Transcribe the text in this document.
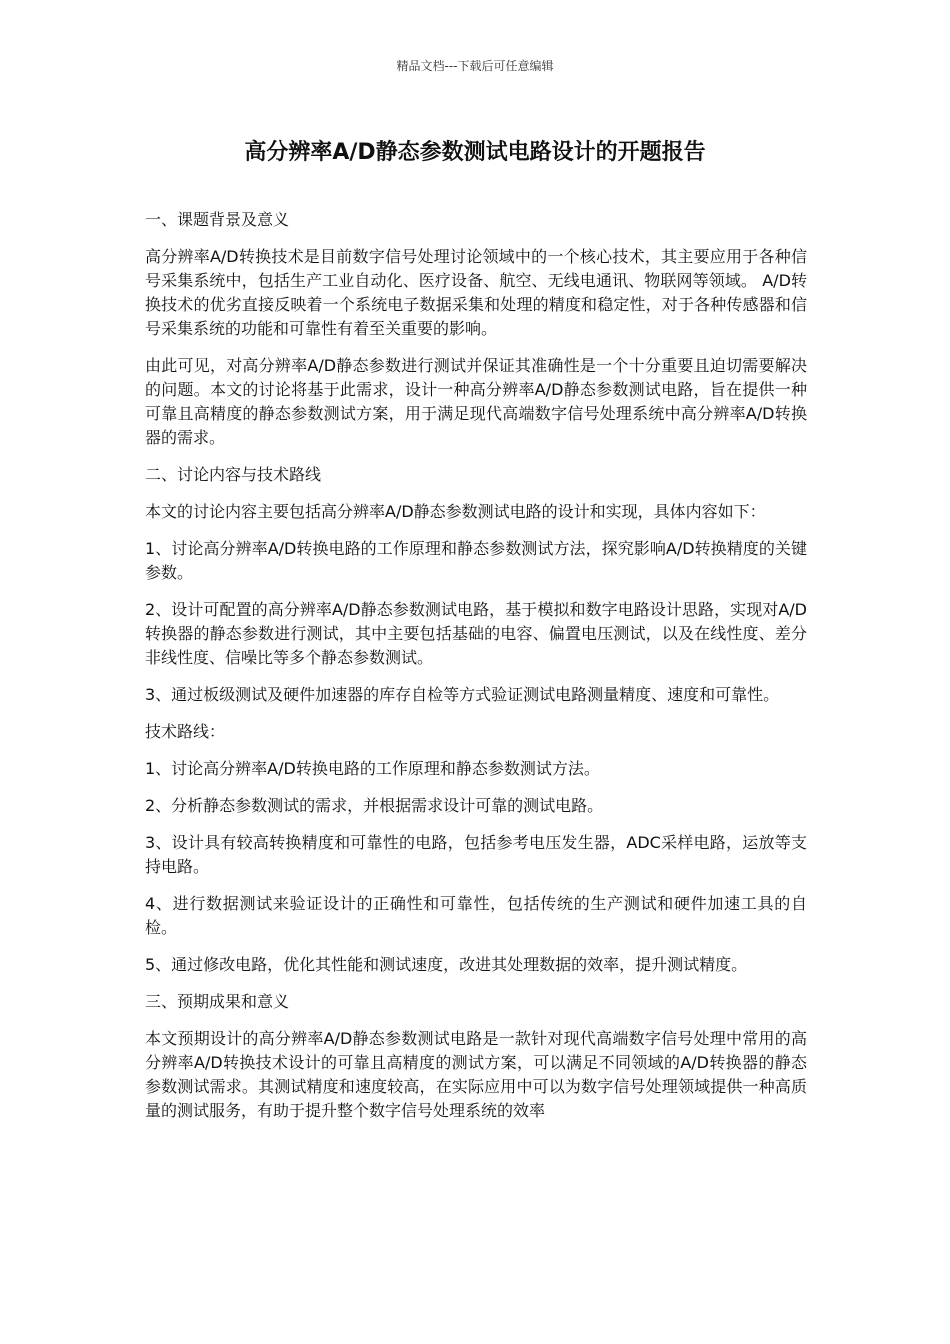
精品文档---下载后可任意编辑
高分辨率A/D静态参数测试电路设计的开题报告
一、课题背景及意义

高分辨率A/D转换技术是目前数字信号处理讨论领域中的一个核心技术，其主要应用于各种信号采集系统中，包括生产工业自动化、医疗设备、航空、无线电通讯、物联网等领域。 A/D转换技术的优劣直接反映着一个系统电子数据采集和处理的精度和稳定性，对于各种传感器和信号采集系统的功能和可靠性有着至关重要的影响。

由此可见，对高分辨率A/D静态参数进行测试并保证其准确性是一个十分重要且迫切需要解决的问题。本文的讨论将基于此需求，设计一种高分辨率A/D静态参数测试电路，旨在提供一种可靠且高精度的静态参数测试方案，用于满足现代高端数字信号处理系统中高分辨率A/D转换器的需求。

二、讨论内容与技术路线

本文的讨论内容主要包括高分辨率A/D静态参数测试电路的设计和实现，具体内容如下：

1、讨论高分辨率A/D转换电路的工作原理和静态参数测试方法，探究影响A/D转换精度的关键参数。

2、设计可配置的高分辨率A/D静态参数测试电路，基于模拟和数字电路设计思路，实现对A/D转换器的静态参数进行测试，其中主要包括基础的电容、偏置电压测试，以及在线性度、差分非线性度、信噪比等多个静态参数测试。

3、通过板级测试及硬件加速器的库存自检等方式验证测试电路测量精度、速度和可靠性。

技术路线：

1、讨论高分辨率A/D转换电路的工作原理和静态参数测试方法。

2、分析静态参数测试的需求，并根据需求设计可靠的测试电路。

3、设计具有较高转换精度和可靠性的电路，包括参考电压发生器，ADC采样电路，运放等支持电路。

4、进行数据测试来验证设计的正确性和可靠性，包括传统的生产测试和硬件加速工具的自检。

5、通过修改电路，优化其性能和测试速度，改进其处理数据的效率，提升测试精度。

三、预期成果和意义

本文预期设计的高分辨率A/D静态参数测试电路是一款针对现代高端数字信号处理中常用的高分辨率A/D转换技术设计的可靠且高精度的测试方案，可以满足不同领域的A/D转换器的静态参数测试需求。其测试精度和速度较高，在实际应用中可以为数字信号处理领域提供一种高质量的测试服务，有助于提升整个数字信号处理系统的效率
